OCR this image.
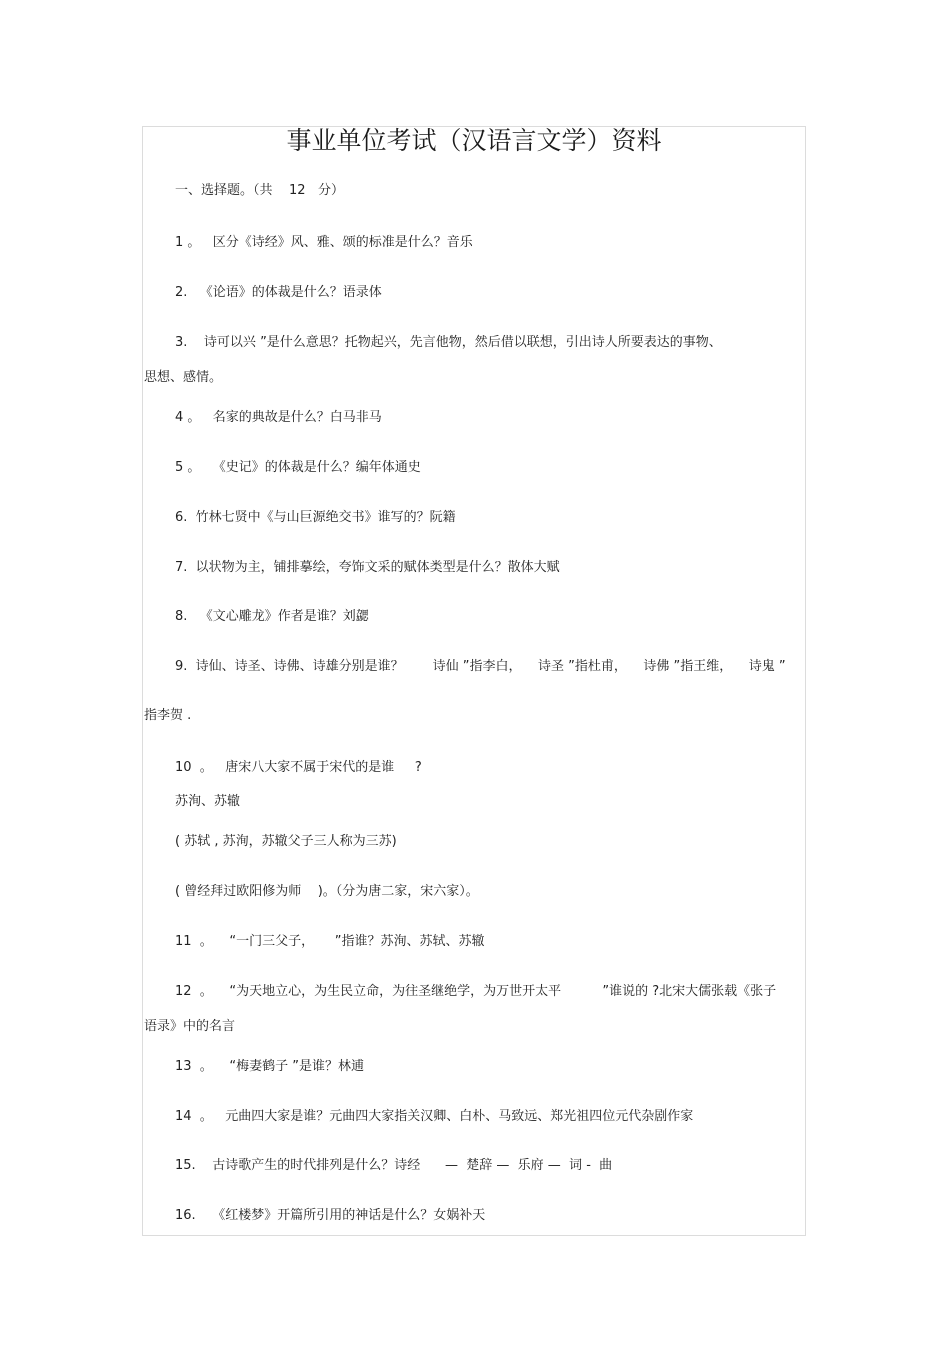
事业单位考试（汉语言文学）资料
一、选择题。（共    12   分）
1 。   区分《诗经》风、雅、颂的标准是什么？音乐
2.   《论语》的体裁是什么？语录体
3.    诗可以兴 ”是什么意思？托物起兴，先言他物，然后借以联想，引出诗人所要表达的事物、
思想、感情。
4 。   名家的典故是什么？白马非马
5 。   《史记》的体裁是什么？编年体通史
6.  竹林七贤中《与山巨源绝交书》谁写的？阮籍
7.  以状物为主，铺排摹绘，夸饰文采的赋体类型是什么？散体大赋
8.   《文心雕龙》作者是谁？刘勰
9.  诗仙、诗圣、诗佛、诗雄分别是谁？       诗仙 ”指李白，    诗圣 ”指杜甫，    诗佛 ”指王维，    诗鬼 ”
指李贺 .
10  。   唐宋八大家不属于宋代的是谁     ?
苏洵、苏辙
( 苏轼 , 苏洵，苏辙父子三人称为三苏)
( 曾经拜过欧阳修为师    )。（分为唐二家，宋六家）。
11  。    “一门三父子，     ”指谁？苏洵、苏轼、苏辙
12  。    “为天地立心，为生民立命，为往圣继绝学，为万世开太平          ”谁说的 ?北宋大儒张载《张子
语录》中的名言
13  。    “梅妻鹤子 ”是谁？林逋
14  。   元曲四大家是谁？元曲四大家指关汉卿、白朴、马致远、郑光祖四位元代杂剧作家
15.    古诗歌产生的时代排列是什么？诗经      —  楚辞 —  乐府 —  词 -  曲
16.    《红楼梦》开篇所引用的神话是什么？女娲补天
